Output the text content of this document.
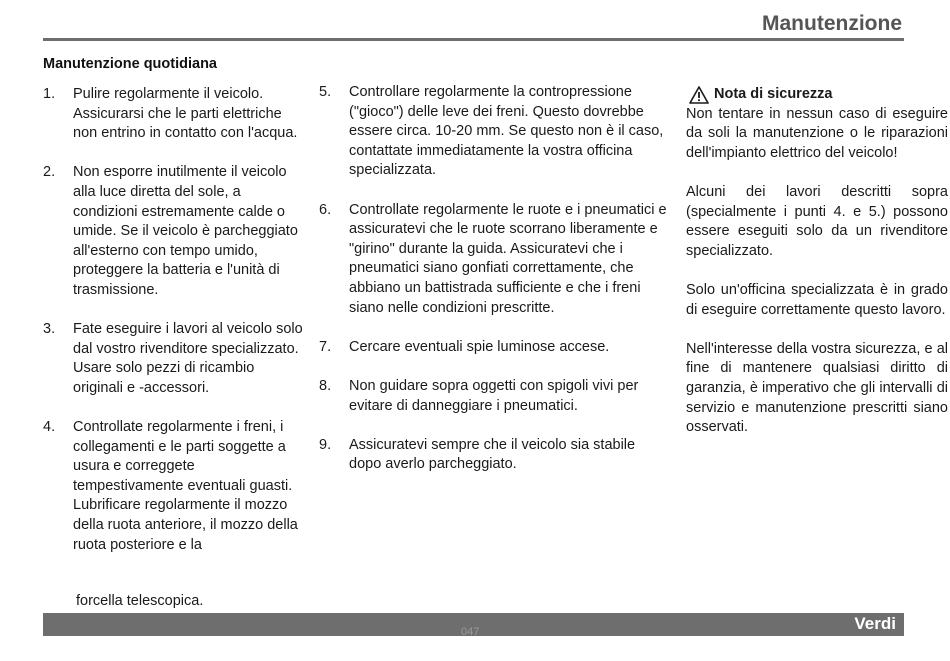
Manutenzione
Manutenzione quotidiana
1.	Pulire regolarmente il veicolo. Assicurarsi che le parti elettriche non entrino in contatto con l'acqua.

2.	Non esporre inutilmente il veicolo alla luce diretta del sole, a condizioni estremamente calde o umide. Se il veicolo è parcheggiato all'esterno con tempo umido, proteggere la batteria e l'unità di trasmissione.

3.	Fate eseguire i lavori al veicolo solo dal vostro rivenditore specializzato. Usare solo pezzi di ricambio originali e -accessori.

4.	Controllate regolarmente i freni, i collegamenti e le parti soggette a usura e correggete tempestivamente eventuali guasti. Lubrificare regolarmente il mozzo della ruota anteriore, il mozzo della ruota posteriore e la

forcella telescopica.
5.	Controllare regolarmente la contropressione ("gioco") delle leve dei freni. Questo dovrebbe essere circa. 10-20 mm. Se questo non è il caso, contattate immediatamente la vostra officina specializzata.

6.	Controllate regolarmente le ruote e i pneumatici e assicuratevi che le ruote scorrano liberamente e "girino" durante la guida. Assicuratevi che i pneumatici siano gonfiati correttamente, che abbiano un battistrada sufficiente e che i freni siano nelle condizioni prescritte.

7.	Cercare eventuali spie luminose accese.

8.	Non guidare sopra oggetti con spigoli vivi per evitare di danneggiare i pneumatici.

9.	Assicuratevi sempre che il veicolo sia stabile dopo averlo parcheggiato.

Nota di sicurezza

Non tentare in nessun caso di eseguire da soli la manutenzione o le riparazioni dell'impianto elettrico del veicolo!

Alcuni dei lavori descritti sopra (specialmente i punti 4. e 5.) possono essere eseguiti solo da un rivenditore specializzato.

Solo un'officina specializzata è in grado di eseguire correttamente questo lavoro.

Nell'interesse della vostra sicurezza, e al fine di mantenere qualsiasi diritto di garanzia, è imperativo che gli intervalli di servizio e manutenzione prescritti siano osservati.

Verdi
047
